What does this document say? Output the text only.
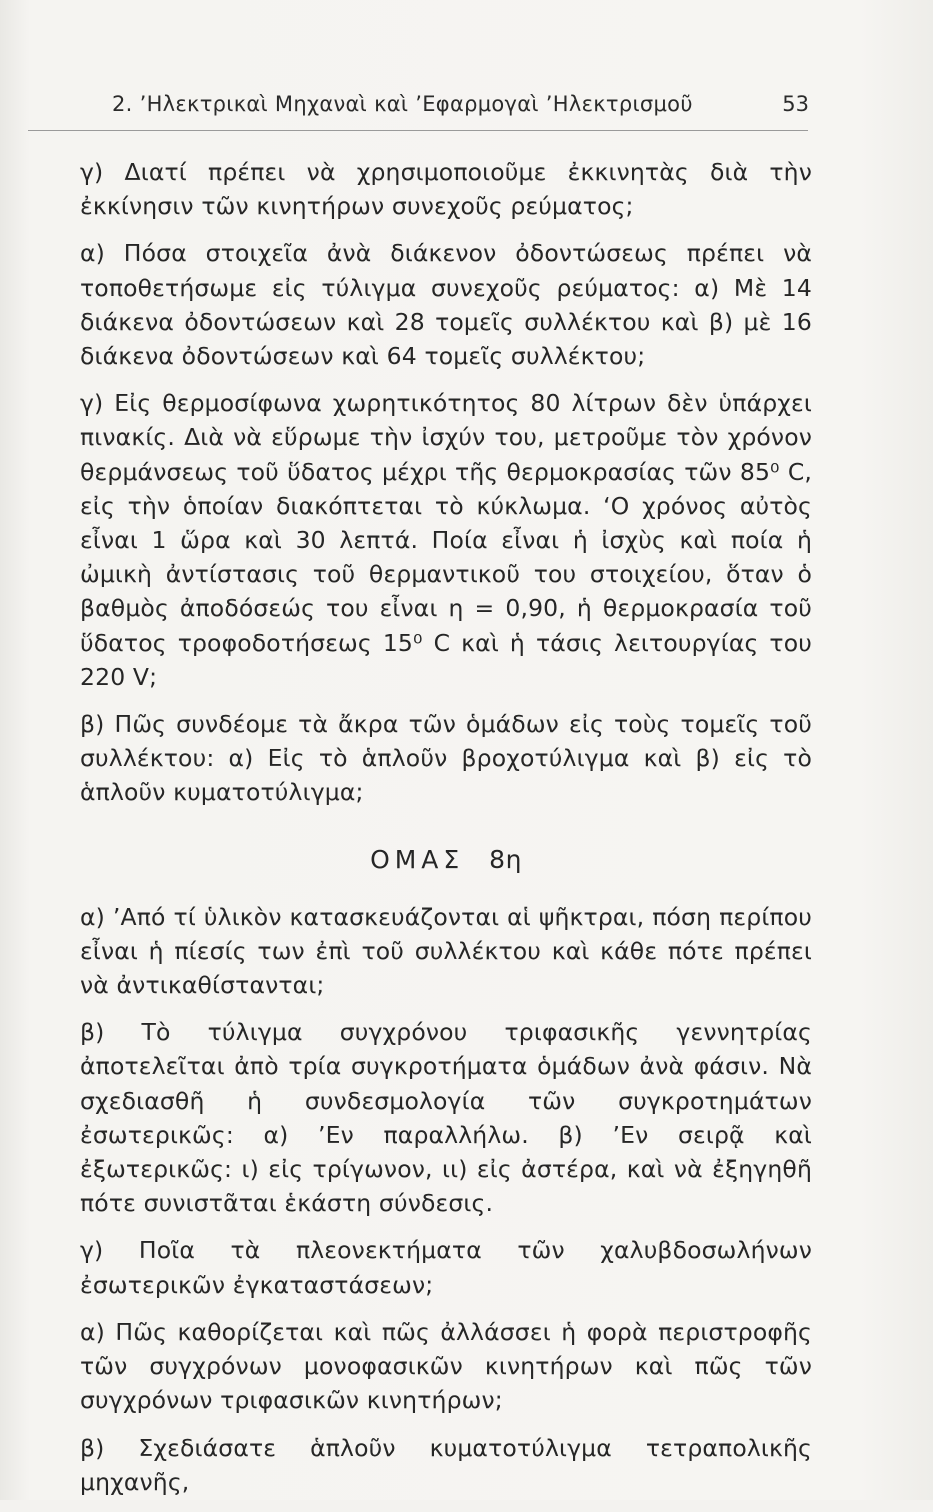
2. ’Ηλεκτρικαὶ Μηχαναὶ καὶ ’Εφαρμογαὶ ’Ηλεκτρισμοῦ	53

γ) Διατί πρέπει νὰ χρησιμοποιοῦμε ἐκκινητὰς διὰ τὴν ἐκκίνησιν τῶν κινητήρων συνεχοῦς ρεύματος;

α) Πόσα στοιχεῖα ἀνὰ διάκενον ὀδοντώσεως πρέπει νὰ τοποθετήσωμε εἰς τύλιγμα συνεχοῦς ρεύματος: α) Μὲ 14 διάκενα ὀδοντώσεων καὶ 28 τομεῖς συλλέκτου καὶ β) μὲ 16 διάκενα ὀδοντώσεων καὶ 64 τομεῖς συλλέκτου;

γ) Εἰς θερμοσίφωνα χωρητικότητος 80 λίτρων δὲν ὑπάρχει πινακίς. Διὰ νὰ εὕρωμε τὴν ἰσχύν του, μετροῦμε τὸν χρόνον θερμάνσεως τοῦ ὕδατος μέχρι τῆς θερμοκρασίας τῶν 85⁰ C, εἰς τὴν ὁποίαν διακόπτεται τὸ κύκλωμα. ‘Ο χρόνος αὐτὸς εἶναι 1 ὥρα καὶ 30 λεπτά. Ποία εἶναι ἡ ἰσχὺς καὶ ποία ἡ ὠμικὴ ἀντίστασις τοῦ θερμαντικοῦ του στοιχείου, ὅταν ὁ βαθμὸς ἀποδόσεώς του εἶναι η = 0,90, ἡ θερμοκρασία τοῦ ὕδατος τροφοδοτήσεως 15⁰ C καὶ ἡ τάσις λειτουργίας του 220 V;

β) Πῶς συνδέομε τὰ ἄκρα τῶν ὁμάδων εἰς τοὺς τομεῖς τοῦ συλλέκτου: α) Εἰς τὸ ἁπλοῦν βροχοτύλιγμα καὶ β) εἰς τὸ ἁπλοῦν κυματοτύλιγμα;

ΟΜΑΣ 8η

α) ’Από τί ὑλικὸν κατασκευάζονται αἱ ψῆκτραι, πόση περίπου εἶναι ἡ πίεσίς των ἐπὶ τοῦ συλλέκτου καὶ κάθε πότε πρέπει νὰ ἀντικαθίστανται;

β) Τὸ τύλιγμα συγχρόνου τριφασικῆς γεννητρίας ἀποτελεῖται ἀπὸ τρία συγκροτήματα ὁμάδων ἀνὰ φάσιν. Νὰ σχεδιασθῆ ἡ συνδεσμολογία τῶν συγκροτημάτων ἐσωτερικῶς: α) ’Εν παραλλήλω. β) ’Εν σειρᾷ καὶ ἐξωτερικῶς: ι) εἰς τρίγωνον, ιι) εἰς ἀστέρα, καὶ νὰ ἐξηγηθῆ πότε συνιστᾶται ἑκάστη σύνδεσις.

γ) Ποῖα τὰ πλεονεκτήματα τῶν χαλυβδοσωλήνων ἐσωτερικῶν ἐγκαταστάσεων;

α) Πῶς καθορίζεται καὶ πῶς ἀλλάσσει ἡ φορὰ περιστροφῆς τῶν συγχρόνων μονοφασικῶν κινητήρων καὶ πῶς τῶν συγχρόνων τριφασικῶν κινητήρων;

β) Σχεδιάσατε ἁπλοῦν κυματοτύλιγμα τετραπολικῆς μηχανῆς,
